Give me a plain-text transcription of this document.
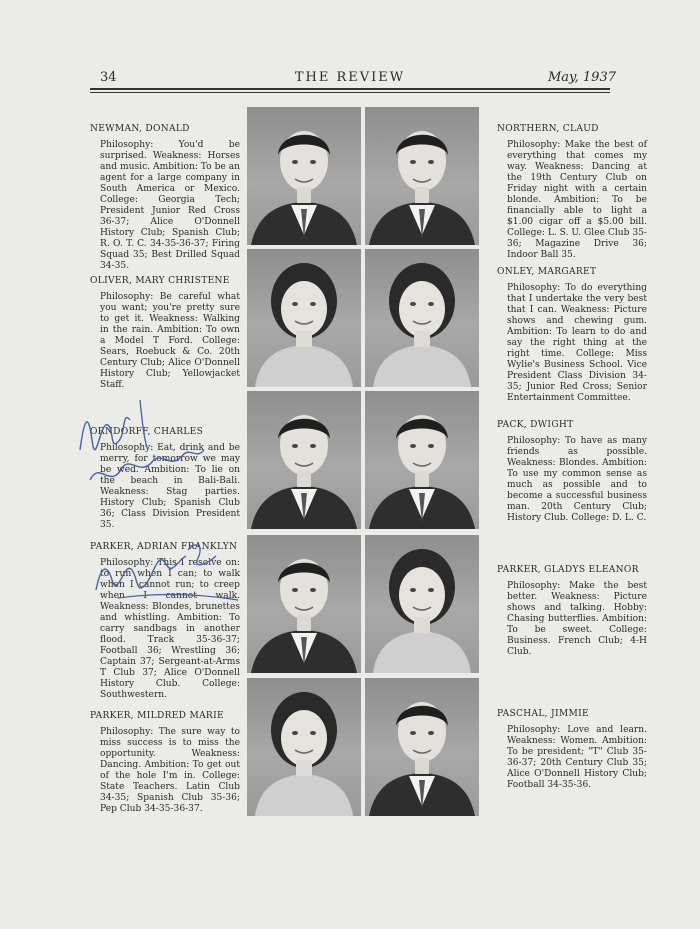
34	THE REVIEW	May, 1937
NEWMAN, DONALD
Philosophy: You'd be surprised. Weakness: Horses and music. Ambition: To be an agent for a large company in South America or Mexico. College: Georgia Tech; President Junior Red Cross 36-37; Alice O'Donnell History Club; Spanish Club; R. O. T. C. 34-35-36-37; Firing Squad 35; Best Drilled Squad 34-35.
OLIVER, MARY CHRISTENE
Philosophy: Be careful what you want; you're pretty sure to get it. Weakness: Walking in the rain. Ambition: To own a Model T Ford. College: Sears, Roebuck & Co. 20th Century Club; Alice O'Donnell History Club; Yellowjacket Staff.
ORNDORFF, CHARLES
Philosophy: Eat, drink and be merry, for tomorrow we may be wed. Ambition: To lie on the beach in Bali-Bali. Weakness: Stag parties. History Club; Spanish Club 36; Class Division President 35.
PARKER, ADRIAN FRANKLYN
Philosophy: This I resolve on: to run when I can; to walk when I cannot run; to creep when I cannot walk. Weakness: Blondes, brunettes and whistling. Ambition: To carry sandbags in another flood. Track 35-36-37; Football 36; Wrestling 36; Captain 37; Sergeant-at-Arms T Club 37; Alice O'Donnell History Club. College: Southwestern.
PARKER, MILDRED MARIE
Philosophy: The sure way to miss success is to miss the opportunity. Weakness: Dancing. Ambition: To get out of the hole I'm in. College: State Teachers. Latin Club 34-35; Spanish Club 35-36; Pep Club 34-35-36-37.
NORTHERN, CLAUD
Philosophy: Make the best of everything that comes my way. Weakness: Dancing at the 19th Century Club on Friday night with a certain blonde. Ambition: To be financially able to light a $1.00 cigar off a $5.00 bill. College: L. S. U. Glee Club 35-36; Magazine Drive 36; Indoor Ball 35.
ONLEY, MARGARET
Philosophy: To do everything that I undertake the very best that I can. Weakness: Picture shows and chewing gum. Ambition: To learn to do and say the right thing at the right time. College: Miss Wylie's Business School. Vice President Class Division 34-35; Junior Red Cross; Senior Entertainment Committee.
PACK, DWIGHT
Philosophy: To have as many friends as possible. Weakness: Blondes. Ambition: To use my common sense as much as possible and to become a successful business man. 20th Century Club; History Club. College: D. L. C.
PARKER, GLADYS ELEANOR
Philosophy: Make the best better. Weakness: Picture shows and talking. Hobby: Chasing butterflies. Ambition: To be sweet. College: Business. French Club; 4-H Club.
PASCHAL, JIMMIE
Philosophy: Love and learn. Weakness: Women. Ambition: To be president; "T" Club 35-36-37; 20th Century Club 35; Alice O'Donnell History Club; Football 34-35-36.
